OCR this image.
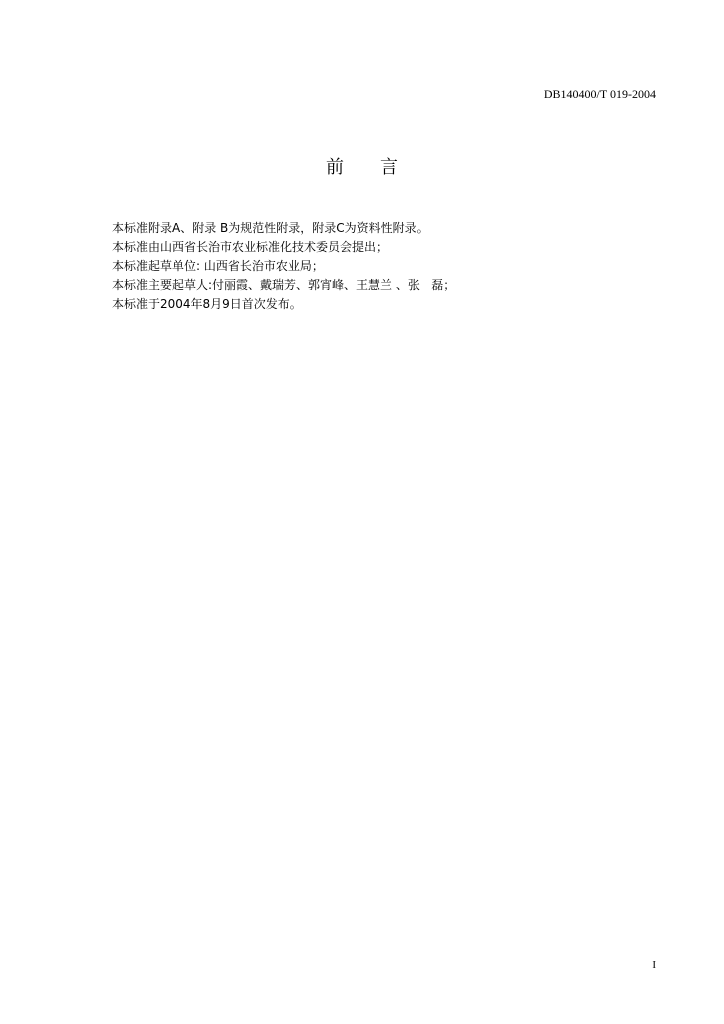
DB140400/T 019-2004
前　　言
本标准附录A、附录 B为规范性附录，附录C为资料性附录。
本标准由山西省长治市农业标准化技术委员会提出；
本标准起草单位: 山西省长治市农业局；
本标准主要起草人:付丽霞、戴瑞芳、郭宵峰、王慧兰 、张   磊；
本标准于2004年8月9日首次发布。
I
